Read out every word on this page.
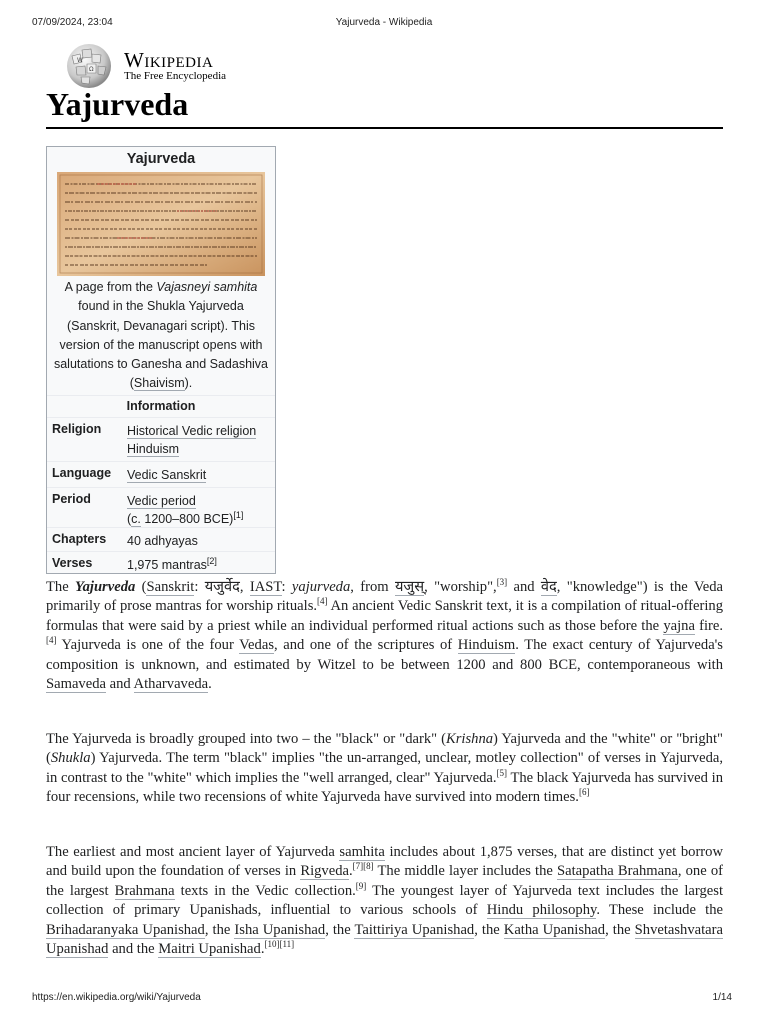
07/09/2024, 23:04	Yajurveda - Wikipedia
W
Ω Wikipedia
The Free Encyclopedia
Yajurveda
Yajurveda
A page from the Vajasneyi samhita found in the Shukla Yajurveda (Sanskrit, Devanagari script). This version of the manuscript opens with salutations to Ganesha and Sadashiva (Shaivism).
Information
Religion Historical Vedic religion
Hinduism
Language Vedic Sanskrit
Period	Vedic period
(c. 1200–800 BCE)[1]
Chapters 40 adhyayas
Verses	1,975 mantras[2]

The Yajurveda (Sanskrit: यजुर्वेद, IAST: yajurveda, from यजुस्, "worship",[3] and वेद, "knowledge") is the Veda primarily of prose mantras for worship rituals.[4] An ancient Vedic Sanskrit text, it is a compilation of ritual-offering formulas that were said by a priest while an individual performed ritual actions such as those before the yajna fire.[4] Yajurveda is one of the four Vedas, and one of the scriptures of Hinduism. The exact century of Yajurveda's composition is unknown, and estimated by Witzel to be between 1200 and 800 BCE, contemporaneous with Samaveda and Atharvaveda.

The Yajurveda is broadly grouped into two – the "black" or "dark" (Krishna) Yajurveda and the "white" or "bright" (Shukla) Yajurveda. The term "black" implies "the un-arranged, unclear, motley collection" of verses in Yajurveda, in contrast to the "white" which implies the "well arranged, clear" Yajurveda.[5] The black Yajurveda has survived in four recensions, while two recensions of white Yajurveda have survived into modern times.[6]

The earliest and most ancient layer of Yajurveda samhita includes about 1,875 verses, that are distinct yet borrow and build upon the foundation of verses in Rigveda.[7][8] The middle layer includes the Satapatha Brahmana, one of the largest Brahmana texts in the Vedic collection.[9] The youngest layer of Yajurveda text includes the largest collection of primary Upanishads, influential to various schools of Hindu philosophy. These include the Brihadaranyaka Upanishad, the Isha Upanishad, the Taittiriya Upanishad, the Katha Upanishad, the Shvetashvatara Upanishad and the Maitri Upanishad.[10][11]

https://en.wikipedia.org/wiki/Yajurveda	1/14
